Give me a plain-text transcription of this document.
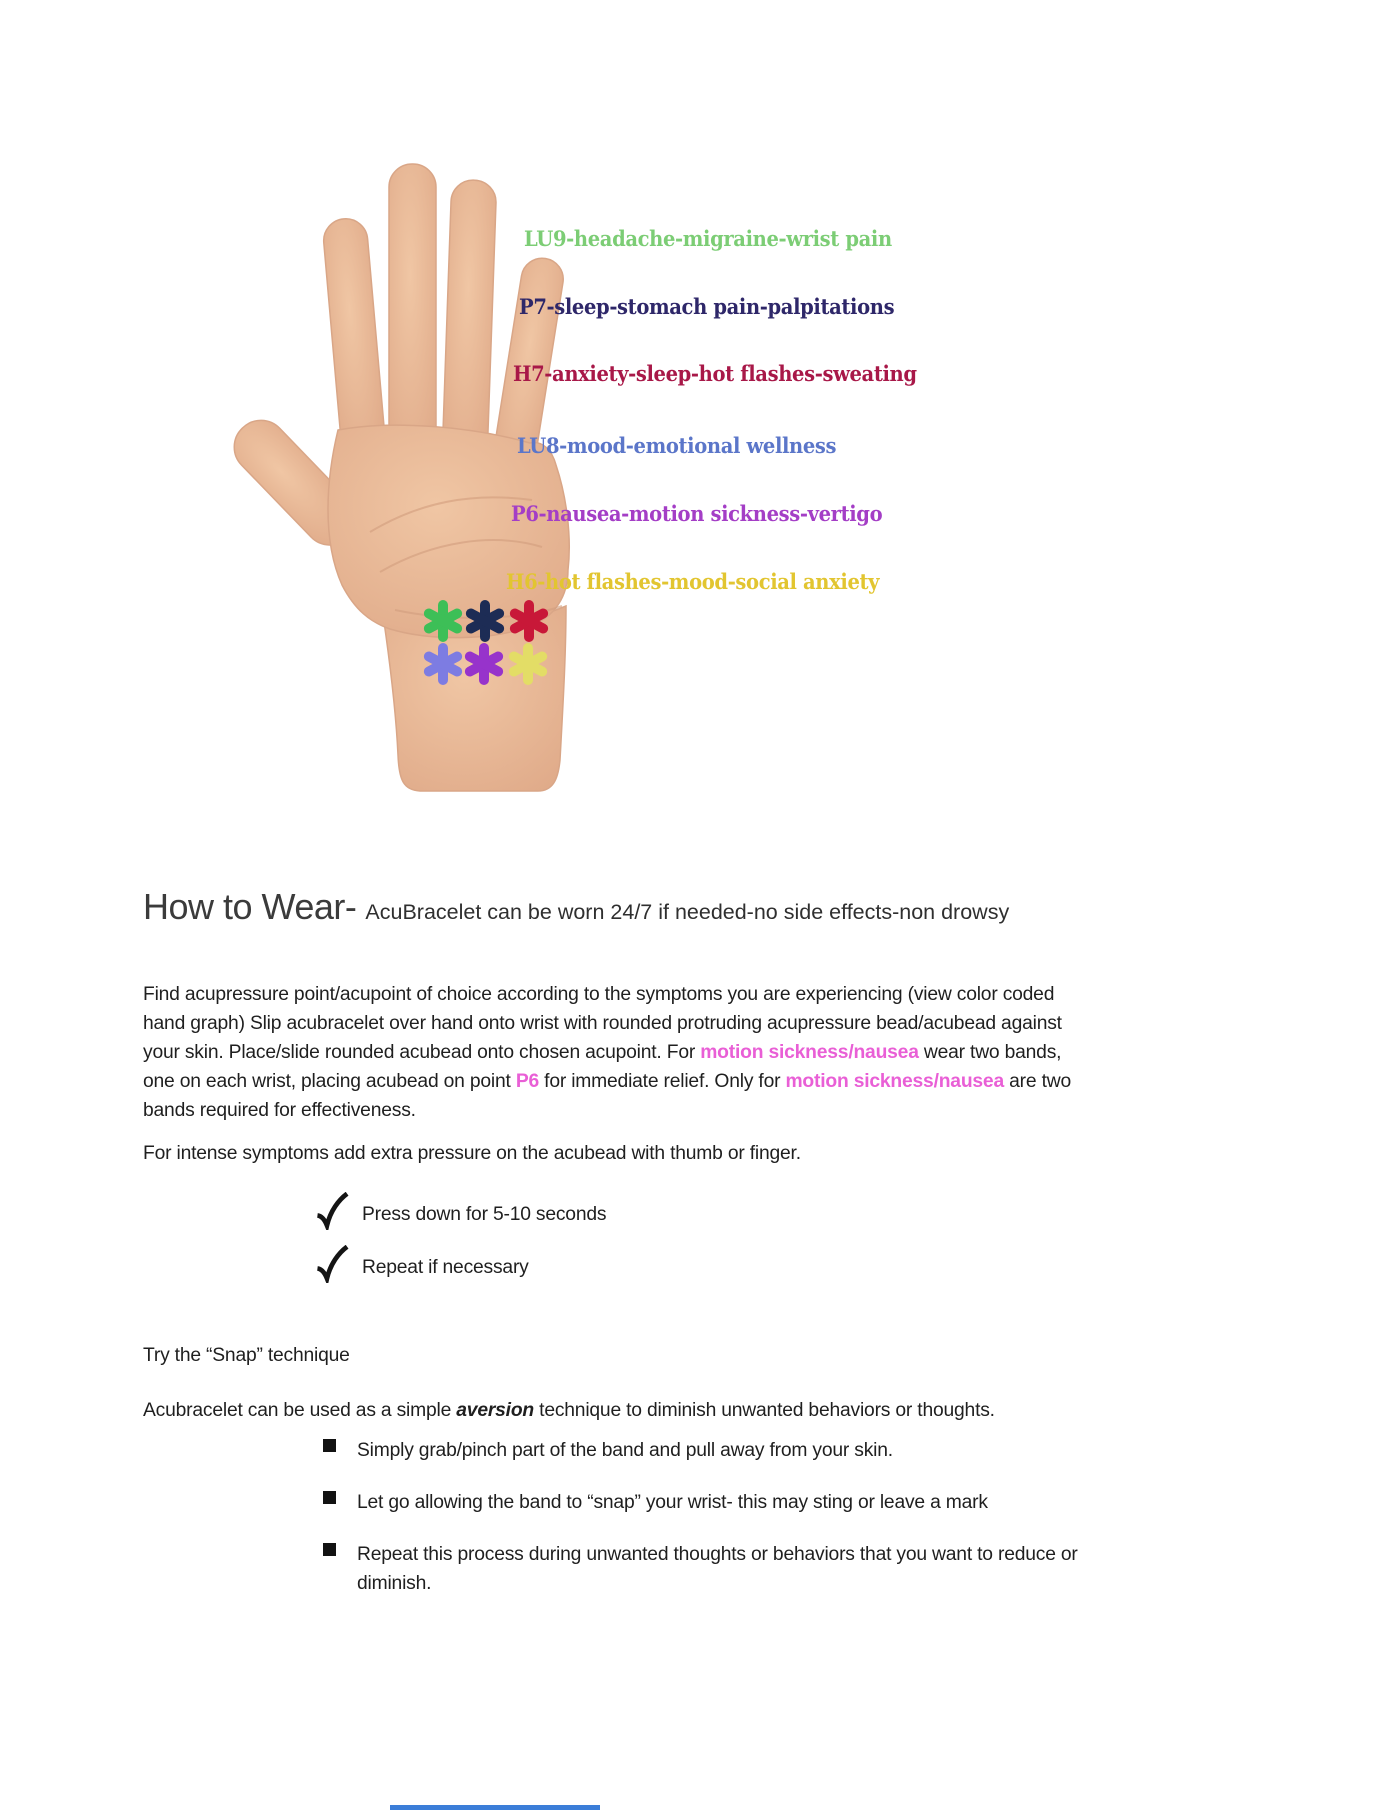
LU9-headache-migraine-wrist pain
P7-sleep-stomach pain-palpitations
H7-anxiety-sleep-hot flashes-sweating
LU8-mood-emotional wellness
P6-nausea-motion sickness-vertigo
H6-hot flashes-mood-social anxiety
How to Wear- AcuBracelet can be worn 24/7 if needed-no side effects-non drowsy

Find acupressure point/acupoint of choice according to the symptoms you are experiencing (view color coded hand graph) Slip acubracelet over hand onto wrist with rounded protruding acupressure bead/acubead against your skin. Place/slide rounded acubead onto chosen acupoint. For motion sickness/nausea wear two bands, one on each wrist, placing acubead on point P6 for immediate relief. Only for motion sickness/nausea are two bands required for effectiveness.

For intense symptoms add extra pressure on the acubead with thumb or finger.

Press down for 5-10 seconds
Repeat if necessary

Try the “Snap” technique

Acubracelet can be used as a simple aversion technique to diminish unwanted behaviors or thoughts.

Simply grab/pinch part of the band and pull away from your skin.
Let go allowing the band to “snap” your wrist- this may sting or leave a mark
Repeat this process during unwanted thoughts or behaviors that you want to reduce or diminish.
